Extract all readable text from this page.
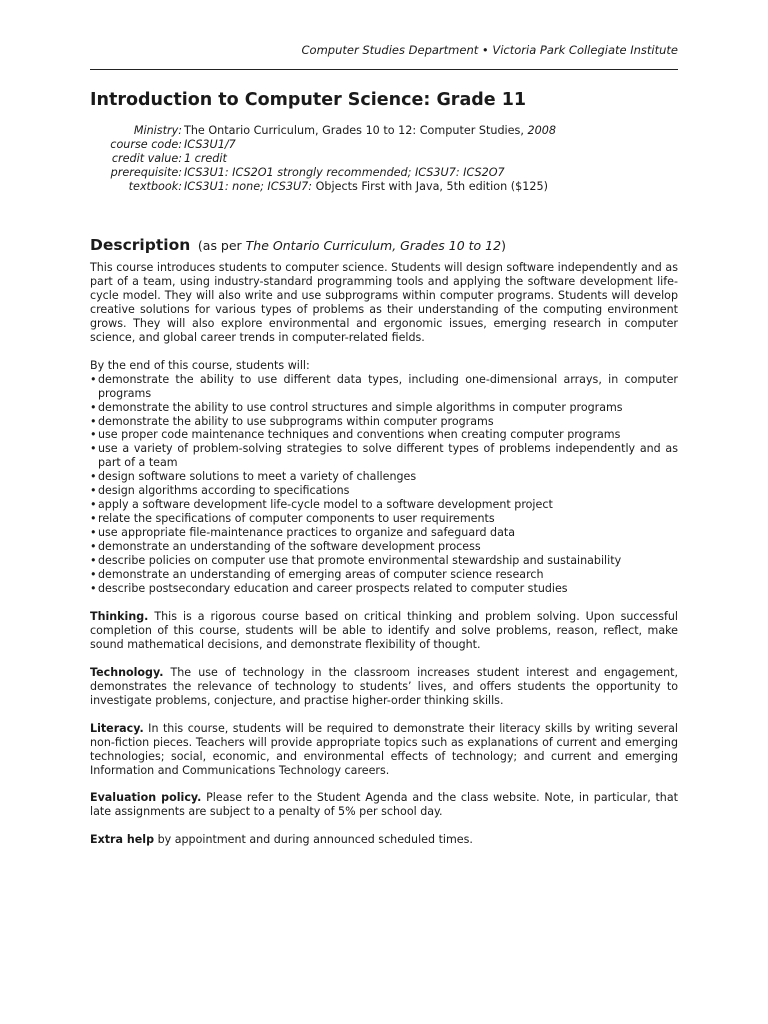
Computer Studies Department • Victoria Park Collegiate Institute
Introduction to Computer Science: Grade 11
Ministry: The Ontario Curriculum, Grades 10 to 12: Computer Studies, 2008
course code: ICS3U1/7
credit value: 1 credit
prerequisite: ICS3U1: ICS2O1 strongly recommended; ICS3U7: ICS2O7
textbook: ICS3U1: none; ICS3U7: Objects First with Java, 5th edition ($125)
Description (as per The Ontario Curriculum, Grades 10 to 12)

This course introduces students to computer science. Students will design software independently and as part of a team, using industry-standard programming tools and applying the software development life-cycle model. They will also write and use subprograms within computer programs. Students will develop creative solutions for various types of problems as their understanding of the computing environment grows. They will also explore environmental and ergonomic issues, emerging research in computer science, and global career trends in computer-related fields.

By the end of this course, students will:

• demonstrate the ability to use different data types, including one-dimensional arrays, in computer programs
• demonstrate the ability to use control structures and simple algorithms in computer programs
• demonstrate the ability to use subprograms within computer programs
• use proper code maintenance techniques and conventions when creating computer programs
• use a variety of problem-solving strategies to solve different types of problems independently and as part of a team
• design software solutions to meet a variety of challenges
• design algorithms according to specifications
• apply a software development life-cycle model to a software development project
• relate the specifications of computer components to user requirements
• use appropriate file-maintenance practices to organize and safeguard data
• demonstrate an understanding of the software development process
• describe policies on computer use that promote environmental stewardship and sustainability
• demonstrate an understanding of emerging areas of computer science research
• describe postsecondary education and career prospects related to computer studies

Thinking. This is a rigorous course based on critical thinking and problem solving. Upon successful completion of this course, students will be able to identify and solve problems, reason, reflect, make sound mathematical decisions, and demonstrate flexibility of thought.

Technology. The use of technology in the classroom increases student interest and engagement, demonstrates the relevance of technology to students’ lives, and offers students the opportunity to investigate problems, conjecture, and practise higher-order thinking skills.

Literacy. In this course, students will be required to demonstrate their literacy skills by writing several non-fiction pieces. Teachers will provide appropriate topics such as explanations of current and emerging technologies; social, economic, and environmental effects of technology; and current and emerging Information and Communications Technology careers.

Evaluation policy. Please refer to the Student Agenda and the class website. Note, in particular, that late assignments are subject to a penalty of 5% per school day.

Extra help by appointment and during announced scheduled times.
